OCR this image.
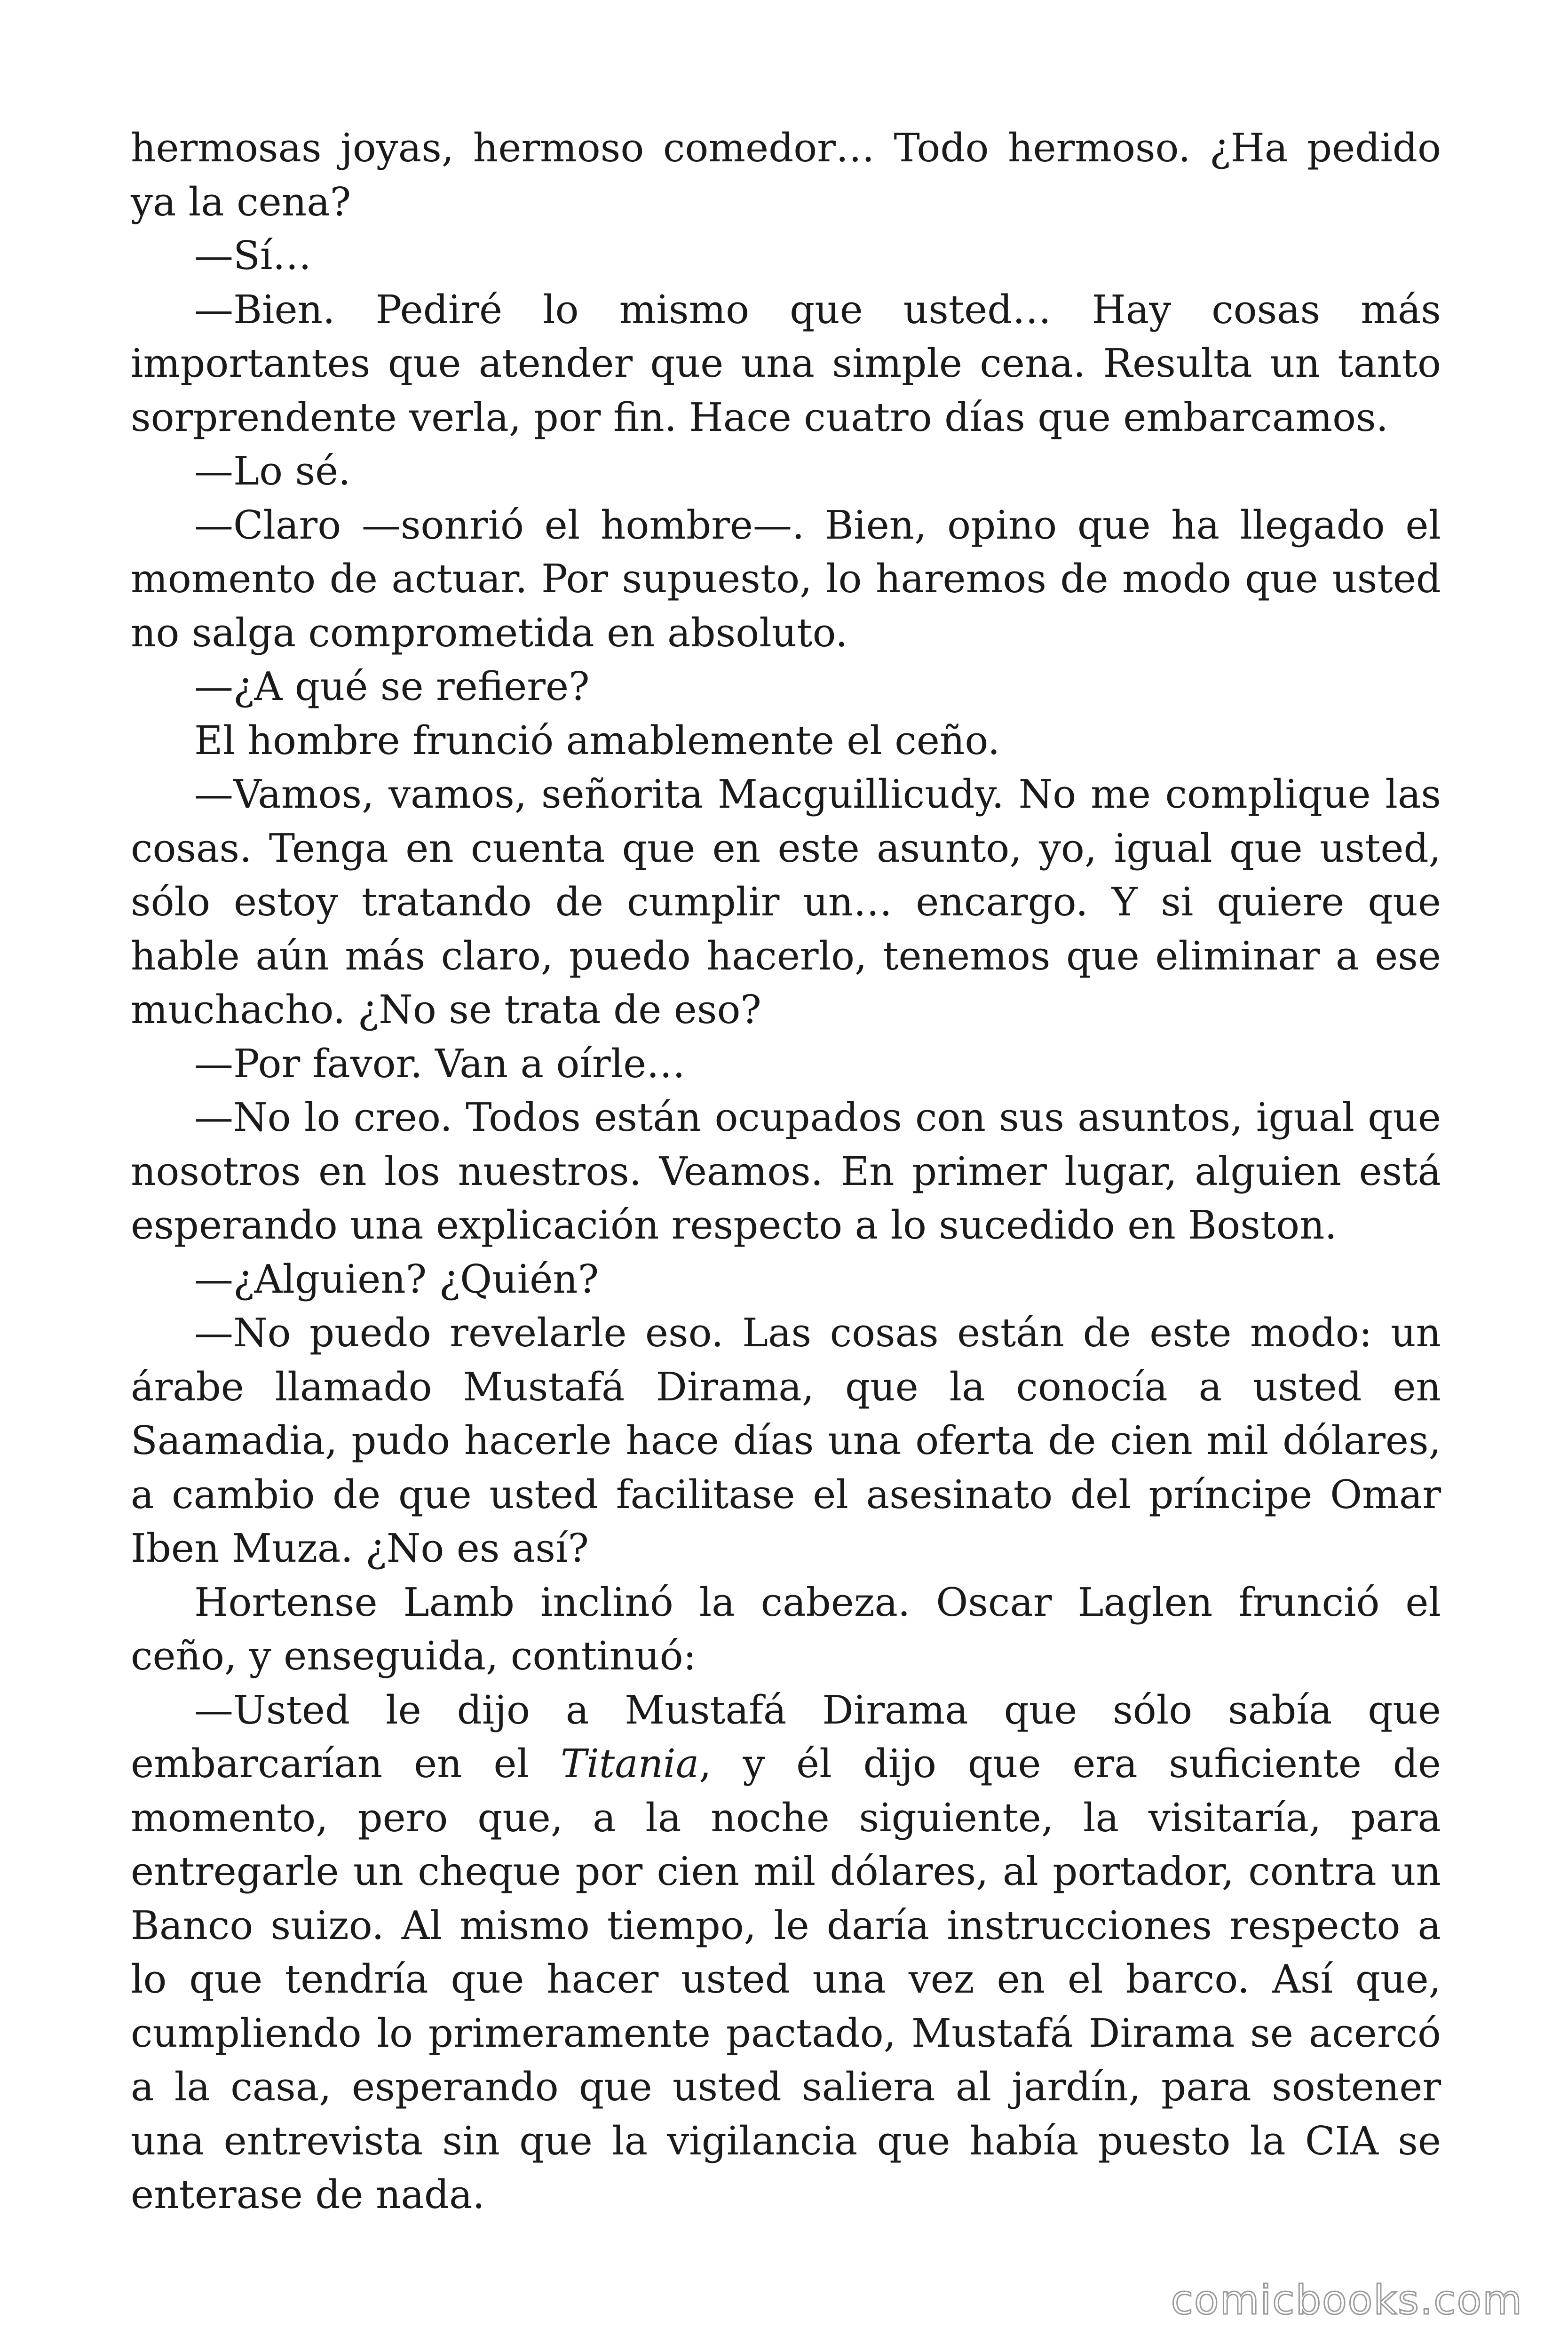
hermosas joyas, hermoso comedor… Todo hermoso. ¿Ha pedido ya la cena?

—Sí…

—Bien. Pediré lo mismo que usted… Hay cosas más importantes que atender que una simple cena. Resulta un tanto sorprendente verla, por fin. Hace cuatro días que embarcamos.

—Lo sé.

—Claro —sonrió el hombre—. Bien, opino que ha llegado el momento de actuar. Por supuesto, lo haremos de modo que usted no salga comprometida en absoluto.

—¿A qué se refiere?

El hombre frunció amablemente el ceño.

—Vamos, vamos, señorita Macguillicudy. No me complique las cosas. Tenga en cuenta que en este asunto, yo, igual que usted, sólo estoy tratando de cumplir un… encargo. Y si quiere que hable aún más claro, puedo hacerlo, tenemos que eliminar a ese muchacho. ¿No se trata de eso?

—Por favor. Van a oírle…

—No lo creo. Todos están ocupados con sus asuntos, igual que nosotros en los nuestros. Veamos. En primer lugar, alguien está esperando una explicación respecto a lo sucedido en Boston.

—¿Alguien? ¿Quién?

—No puedo revelarle eso. Las cosas están de este modo: un árabe llamado Mustafá Dirama, que la conocía a usted en Saamadia, pudo hacerle hace días una oferta de cien mil dólares, a cambio de que usted facilitase el asesinato del príncipe Omar Iben Muza. ¿No es así?

Hortense Lamb inclinó la cabeza. Oscar Laglen frunció el ceño, y enseguida, continuó:

—Usted le dijo a Mustafá Dirama que sólo sabía que embarcarían en el Titania, y él dijo que era suficiente de momento, pero que, a la noche siguiente, la visitaría, para entregarle un cheque por cien mil dólares, al portador, contra un Banco suizo. Al mismo tiempo, le daría instrucciones respecto a lo que tendría que hacer usted una vez en el barco. Así que, cumpliendo lo primeramente pactado, Mustafá Dirama se acercó a la casa, esperando que usted saliera al jardín, para sostener una entrevista sin que la vigilancia que había puesto la CIA se enterase de nada.

comicbooks.com
